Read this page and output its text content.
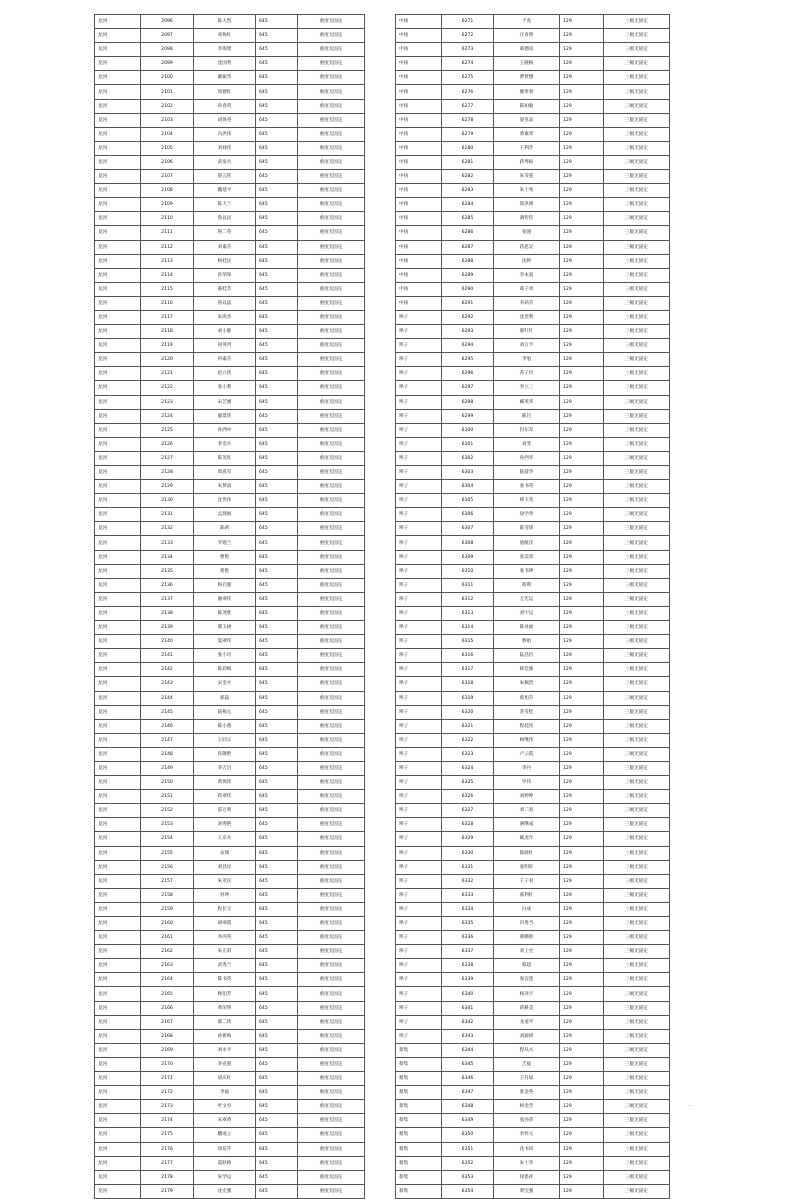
龙河	2096	陈大凯	645	重度无固定
龙河	2097	邓梅红	645	重度无固定
龙河	2098	李海建	645	重度无固定
龙河	2099	沈国秀	645	重度无固定
龙河	2100	戴振华	645	重度无固定
龙河	2101	周德红	645	重度无固定
龙河	2102	孙春英	645	重度无固定
龙河	2103	胡体英	645	重度无固定
龙河	2104	冯洪伟	645	重度无固定
龙河	2105	刘禄侠	645	重度无固定
龙河	2106	武发兵	645	重度无固定
龙河	2107	蔡云侠	645	重度无固定
龙河	2108	魏延平	645	重度无固定
龙河	2109	陈大兰	645	重度无固定
龙河	2110	鲁以民	645	重度无固定
龙河	2111	鲁二英	645	重度无固定
龙河	2112	刘素芬	645	重度无固定
龙河	2113	杨桂民	645	重度无固定
龙河	2114	孙荣保	645	重度无固定
龙河	2115	郝桂芳	645	重度无固定
龙河	2116	鲁以法	645	重度无固定
龙河	2117	朱鸿杰	645	重度无固定
龙河	2118	刘小静	645	重度无固定
龙河	2119	徐英玥	645	重度无固定
龙河	2120	何素芬	645	重度无固定
龙河	2121	赵立侠	645	重度无固定
龙河	2122	张小利	645	重度无固定
龙河	2123	宋艺刚	645	重度无固定
龙河	2124	廖景侠	645	重度无固定
龙河	2125	孙西中	645	重度无固定
龙河	2126	李金兵	645	重度无固定
龙河	2127	陈茂旺	645	重度无固定
龙河	2128	周真军	645	重度无固定
龙河	2129	朱梦雨	645	重度无固定
龙河	2130	沈世珍	645	重度无固定
龙河	2131	孟现福	645	重度无固定
龙河	2132	陈莉	645	重度无固定
龙河	2133	罗建兰	645	重度无固定
龙河	2134	曹艳	645	重度无固定
龙河	2135	龚艳	645	重度无固定
龙河	2136	杨启强	645	重度无固定
龙河	2137	廖翠侠	645	重度无固定
龙河	2138	陈茂胜	645	重度无固定
龙河	2139	郝玉树	645	重度无固定
龙河	2140	夏翠侠	645	重度无固定
龙河	2141	张小玲	645	重度无固定
龙河	2142	陈彩梅	645	重度无固定
龙河	2143	宋金兵	645	重度无固定
龙河	2144	郝磊	645	重度无固定
龙河	2145	陆梅元	645	重度无固定
龙河	2146	陈小燕	645	重度无固定
龙河	2147	王同义	645	重度无固定
龙河	2148	崔敬艳	645	重度无固定
龙河	2149	李吉昌	645	重度无固定
龙河	2150	黄保侠	645	重度无固定
龙河	2151	蒋翠侠	645	重度无固定
龙河	2152	雷万明	645	重度无固定
龙河	2153	刘秀艳	645	重度无固定
龙河	2154	王京兵	645	重度无固定
龙河	2155	宋瑞	645	重度无固定
龙河	2156	刘昌岸	645	重度无固定
龙河	2157	朱亚民	645	重度无固定
龙河	2158	封坤	645	重度无固定
龙河	2159	程长宝	645	重度无固定
龙河	2160	胡翠霞	645	重度无固定
龙河	2161	李丙英	645	重度无固定
龙河	2162	朱正彩	645	重度无固定
龙河	2163	武秀兰	645	重度无固定
龙河	2164	陈书英	645	重度无固定
龙河	2165	顾伯芳	645	重度无固定
龙河	2166	黄荣明	645	重度无固定
龙河	2167	郝二侠	645	重度无固定
龙河	2168	孙新梅	645	重度无固定
龙河	2169	刘永平	645	重度无固定
龙河	2170	李克朋	645	重度无固定
龙河	2171	胡庆红	645	重度无固定
龙河	2172	李福	645	重度无固定
龙河	2173	叶文亭	645	重度无固定
龙河	2174	宋翠香	645	重度无固定
龙河	2175	鹏成立	645	重度无固定
龙河	2176	徐花芹	645	重度无固定
龙河	2177	夏耿梅	645	重度无固定
龙河	2178	朱学运	645	重度无固定
龙河	2179	沈宏强	645	重度无固定
中扬	6271	于查	129	三级无固定
中扬	6272	庄喜明	129	三级无固定
中扬	6273	葛德而	129	三级无固定
中扬	6274	王晓梅	129	三级无固定
中扬	6275	曹梦德	129	三级无固定
中扬	6276	廖勇春	129	三级无固定
中扬	6277	陈如敏	129	三级无固定
中扬	6278	梁亚品	129	三级无固定
中扬	6279	黄素荣	129	三级无固定
中扬	6280	王利芹	129	三级无固定
中扬	6281	蒋秀振	129	三级无固定
中扬	6282	朱雪莲	129	三级无固定
中扬	6283	朱士兆	129	三级无固定
中扬	6284	邵洪洲	129	三级无固定
中扬	6285	满传钦	129	三级无固定
中扬	6286	张强	129	三级无固定
中扬	6287	蒋思吴	129	三级无固定
中扬	6288	沈婷	129	三级无固定
中扬	6289	李本爱	129	三级无固定
中扬	6290	葛子勇	129	三级无固定
中扬	6291	李莉芬	129	三级无固定
埠子	6292	沈金利	129	三级无固定
埠子	6293	郝红红	129	三级无固定
埠子	6294	刘万亨	129	三级无固定
埠子	6295	李旭	129	三级无固定
埠子	6296	苏子玲	129	三级无固定
埠子	6297	李立三	129	三级无固定
埠子	6298	臧英华	129	三级无固定
埠子	6299	陈目	129	三级无固定
埠子	6300	封东军	129	三级无固定
埠子	6301	刘变	129	三级无固定
埠子	6302	孙西华	129	三级无固定
埠子	6303	陆爱华	129	三级无固定
埠子	6304	张书英	129	三级无固定
埠子	6305	韩玉英	129	三级无固定
埠子	6306	徐学善	129	三级无固定
埠子	6307	陈雪锋	129	三级无固定
埠子	6308	池航洋	129	三级无固定
埠子	6309	张美荣	129	三级无固定
埠子	6310	张书坤	129	三级无固定
埠子	6311	蔡利	129	三级无固定
埠子	6312	万光运	129	三级无固定
埠子	6313	刘宇运	129	三级无固定
埠子	6314	陈业福	129	三级无固定
埠子	6315	曹娟	129	三级无固定
埠子	6316	陆昌臣	129	三级无固定
埠子	6317	韩佳修	129	三级无固定
埠子	6318	朱佩贵	129	三级无固定
埠子	6319	蔡旭芬	129	三级无固定
埠子	6320	苏雪桂	129	三级无固定
埠子	6321	程桂侠	129	三级无固定
埠子	6322	杨继伟	129	三级无固定
埠子	6323	卢云霞	129	三级无固定
埠子	6324	李丹	129	三级无固定
埠子	6325	罗伟	129	三级无固定
埠子	6326	刘婷婷	129	三级无固定
埠子	6327	刘二怒	129	三级无固定
埠子	6328	满继成	129	三级无固定
埠子	6329	臧龙年	129	三级无固定
埠子	6330	陈晓红	129	三级无固定
埠子	6331	张明轩	129	三级无固定
埠子	6332	王子君	129	三级无固定
埠子	6333	郝利红	129	三级无固定
埠子	6334	冯成	129	三级无固定
埠子	6335	冯勇当	129	三级无固定
埠子	6336	郝腾艳	129	三级无固定
埠子	6337	刘士宏	129	三级无固定
埠子	6338	蔡超	129	三级无固定
埠子	6339	张宜莲	129	三级无固定
埠子	6340	杨泽宇	129	三级无固定
埠子	6341	蒋耕美	129	三级无固定
埠子	6342	龙道平	129	三级无固定
埠子	6343	刘骏研	129	三级无固定
蔡集	6344	程从夫	129	三级无固定
蔡集	6345	吉福	129	三级无固定
蔡集	6346	王开斌	129	三级无固定
蔡集	6347	张金英	129	三级无固定
蔡集	6348	杨金芳	129	三级无固定
蔡集	6349	张亮萍	129	三级无固定
蔡集	6350	李怀元	129	三级无固定
蔡集	6351	花书风	129	三级无固定
蔡集	6352	朱士华	129	三级无固定
蔡集	6353	徐思祥	129	三级无固定
蔡集	6354	黄宝强	129	三级无固定
··
